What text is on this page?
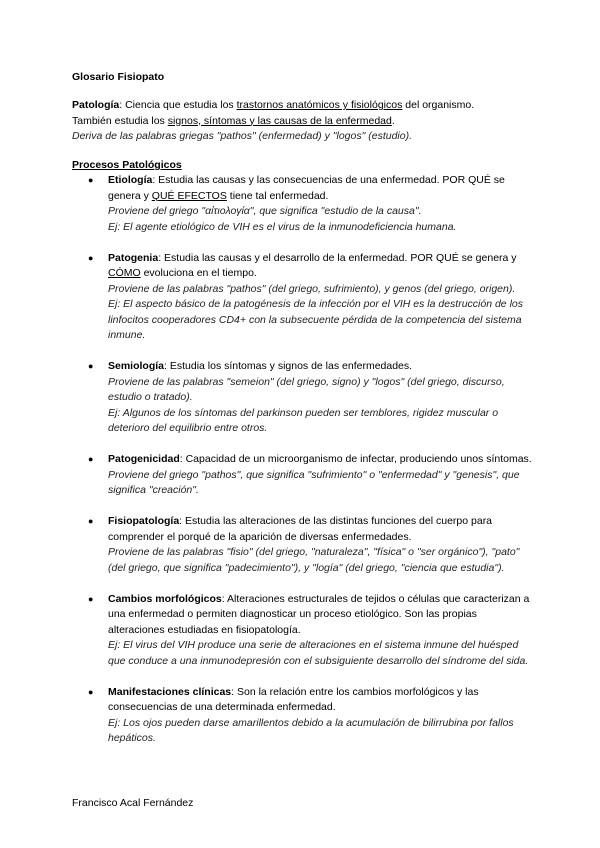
Glosario Fisiopato

Patología: Ciencia que estudia los trastornos anatómicos y fisiológicos del organismo.

También estudia los signos, síntomas y las causas de la enfermedad.

Deriva de las palabras griegas "pathos" (enfermedad) y "logos" (estudio).

Procesos Patológicos
● Etiología: Estudia las causas y las consecuencias de una enfermedad. POR QUÉ se genera y QUÉ EFECTOS tiene tal enfermedad.
Proviene del griego "αἰτιολογία", que significa "estudio de la causa".
Ej: El agente etiológico de VIH es el virus de la inmunodeficiencia humana.
● Patogenia: Estudia las causas y el desarrollo de la enfermedad. POR QUÉ se genera y CÓMO evoluciona en el tiempo.
Proviene de las palabras "pathos" (del griego, sufrimiento), y genos (del griego, origen).
Ej: El aspecto básico de la patogénesis de la infección por el VIH es la destrucción de los linfocitos cooperadores CD4+ con la subsecuente pérdida de la competencia del sistema inmune.
● Semiología: Estudia los síntomas y signos de las enfermedades.
Proviene de las palabras "semeion" (del griego, signo) y "logos" (del griego, discurso, estudio o tratado).
Ej: Algunos de los síntomas del parkinson pueden ser temblores, rigidez muscular o deterioro del equilibrio entre otros.
● Patogenicidad: Capacidad de un microorganismo de infectar, produciendo unos síntomas.
Proviene del griego "pathos", que significa "sufrimiento" o "enfermedad" y "genesis", que significa "creación".
● Fisiopatología: Estudia las alteraciones de las distintas funciones del cuerpo para comprender el porqué de la aparición de diversas enfermedades.
Proviene de las palabras "fisio" (del griego, "naturaleza", "física" o "ser orgánico"), "pato" (del griego, que significa "padecimiento"), y "logía" (del griego, "ciencia que estudia").
● Cambios morfológicos: Alteraciones estructurales de tejidos o células que caracterizan a una enfermedad o permiten diagnosticar un proceso etiológico. Son las propias alteraciones estudiadas en fisiopatología.
Ej: El virus del VIH produce una serie de alteraciones en el sistema inmune del huésped que conduce a una inmunodepresión con el subsiguiente desarrollo del síndrome del sida.
● Manifestaciones clínicas: Son la relación entre los cambios morfológicos y las consecuencias de una determinada enfermedad.
Ej: Los ojos pueden darse amarillentos debido a la acumulación de bilirrubina por fallos hepáticos.
Francisco Acal Fernández
